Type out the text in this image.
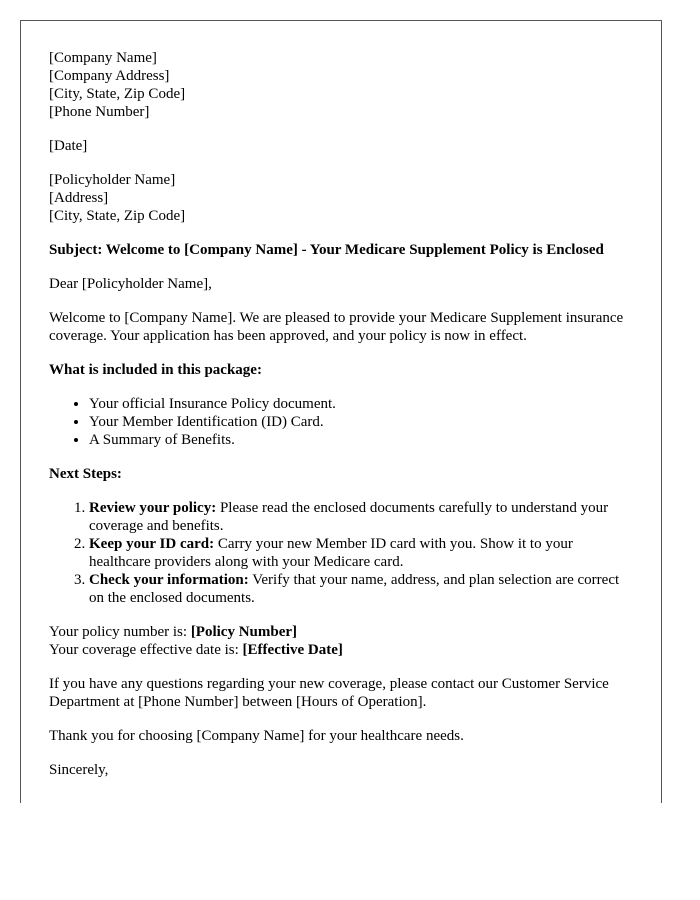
[Company Name]
[Company Address]
[City, State, Zip Code]
[Phone Number]

[Date]

[Policyholder Name]
[Address]
[City, State, Zip Code]

Subject: Welcome to [Company Name] - Your Medicare Supplement Policy is Enclosed

Dear [Policyholder Name],

Welcome to [Company Name]. We are pleased to provide your Medicare Supplement insurance coverage. Your application has been approved, and your policy is now in effect.

What is included in this package:

• Your official Insurance Policy document.
• Your Member Identification (ID) Card.
• A Summary of Benefits.

Next Steps:

1. Review your policy: Please read the enclosed documents carefully to understand your coverage and benefits.
2. Keep your ID card: Carry your new Member ID card with you. Show it to your healthcare providers along with your Medicare card.
3. Check your information: Verify that your name, address, and plan selection are correct on the enclosed documents.

Your policy number is: [Policy Number]
Your coverage effective date is: [Effective Date]

If you have any questions regarding your new coverage, please contact our Customer Service Department at [Phone Number] between [Hours of Operation].

Thank you for choosing [Company Name] for your healthcare needs.

Sincerely,
